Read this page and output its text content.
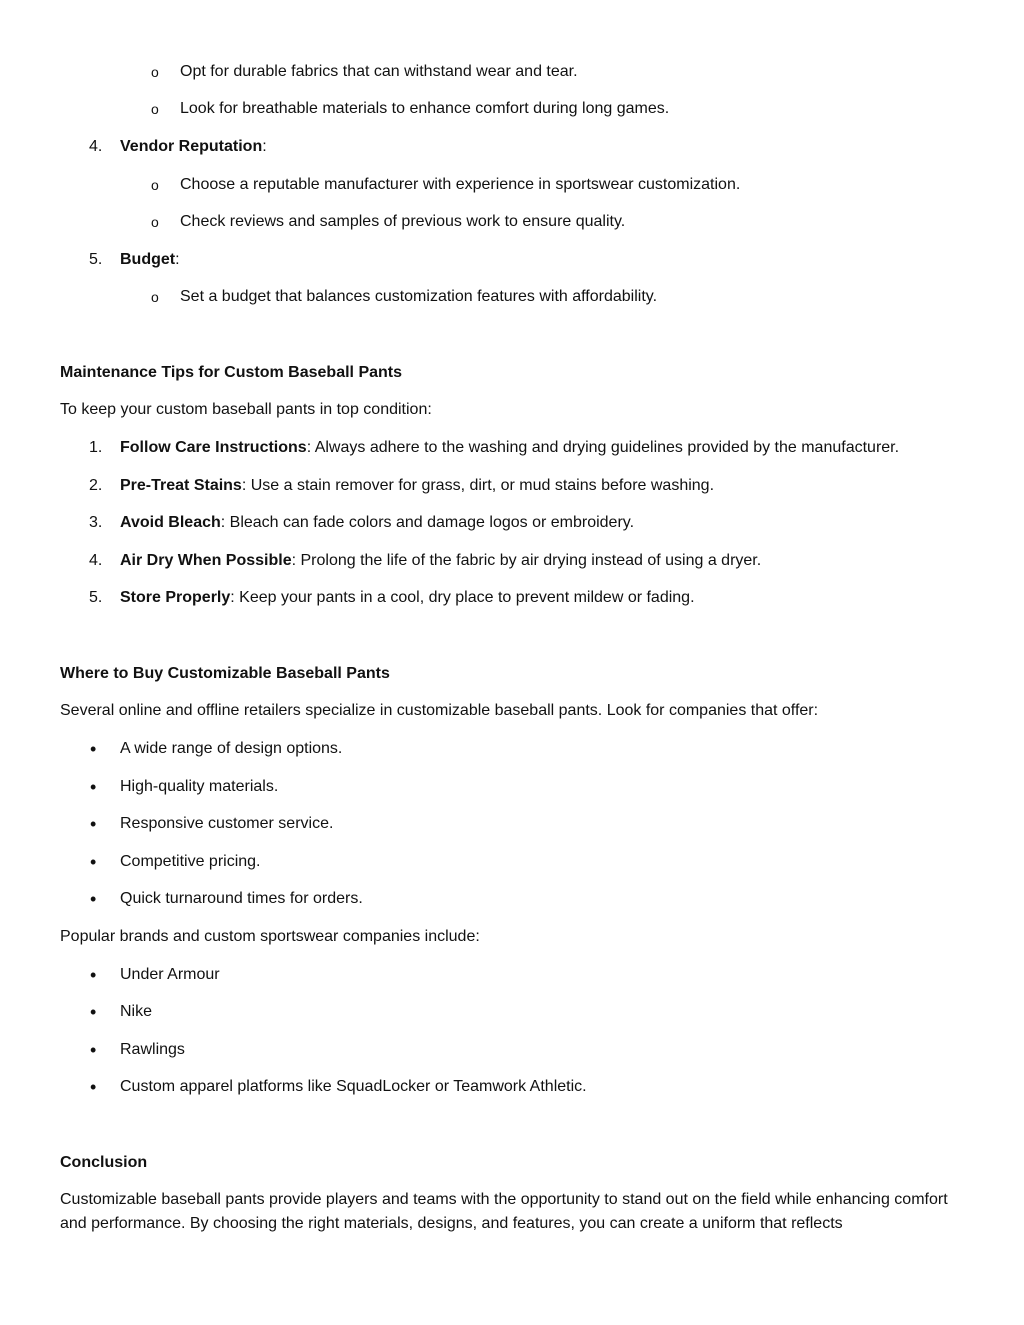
o Opt for durable fabrics that can withstand wear and tear.
o Look for breathable materials to enhance comfort during long games.
4. Vendor Reputation:
o Choose a reputable manufacturer with experience in sportswear customization.
o Check reviews and samples of previous work to ensure quality.
5. Budget:
o Set a budget that balances customization features with affordability.
Maintenance Tips for Custom Baseball Pants
To keep your custom baseball pants in top condition:
1. Follow Care Instructions: Always adhere to the washing and drying guidelines provided by the manufacturer.
2. Pre-Treat Stains: Use a stain remover for grass, dirt, or mud stains before washing.
3. Avoid Bleach: Bleach can fade colors and damage logos or embroidery.
4. Air Dry When Possible: Prolong the life of the fabric by air drying instead of using a dryer.
5. Store Properly: Keep your pants in a cool, dry place to prevent mildew or fading.
Where to Buy Customizable Baseball Pants
Several online and offline retailers specialize in customizable baseball pants. Look for companies that offer:
• A wide range of design options.
• High-quality materials.
• Responsive customer service.
• Competitive pricing.
• Quick turnaround times for orders.
Popular brands and custom sportswear companies include:
• Under Armour
• Nike
• Rawlings
• Custom apparel platforms like SquadLocker or Teamwork Athletic.
Conclusion
Customizable baseball pants provide players and teams with the opportunity to stand out on the field while enhancing comfort and performance. By choosing the right materials, designs, and features, you can create a uniform that reflects
